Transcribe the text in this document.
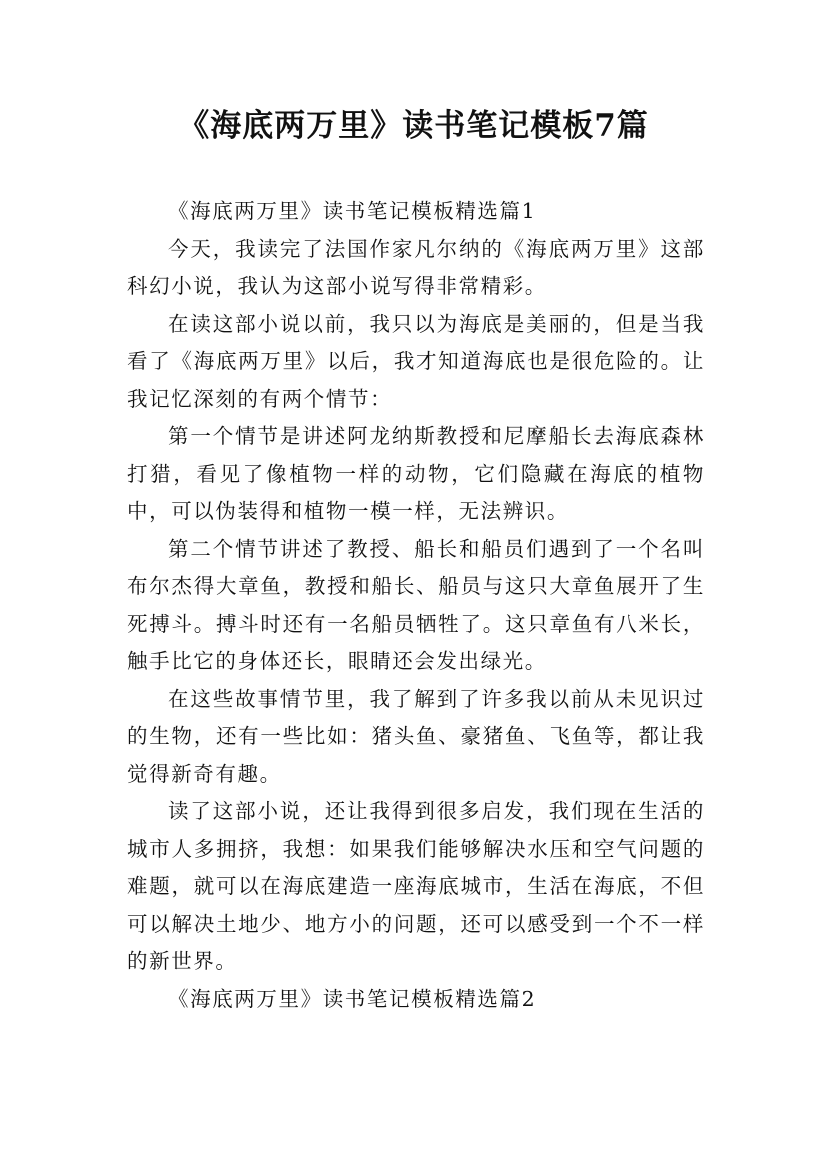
《海底两万里》读书笔记模板7篇

《海底两万里》读书笔记模板精选篇1

今天，我读完了法国作家凡尔纳的《海底两万里》这部科幻小说，我认为这部小说写得非常精彩。

在读这部小说以前，我只以为海底是美丽的，但是当我看了《海底两万里》以后，我才知道海底也是很危险的。让我记忆深刻的有两个情节：

第一个情节是讲述阿龙纳斯教授和尼摩船长去海底森林打猎，看见了像植物一样的动物，它们隐藏在海底的植物中，可以伪装得和植物一模一样，无法辨识。

第二个情节讲述了教授、船长和船员们遇到了一个名叫布尔杰得大章鱼，教授和船长、船员与这只大章鱼展开了生死搏斗。搏斗时还有一名船员牺牲了。这只章鱼有八米长，触手比它的身体还长，眼睛还会发出绿光。

在这些故事情节里，我了解到了许多我以前从未见识过的生物，还有一些比如：猪头鱼、豪猪鱼、飞鱼等，都让我觉得新奇有趣。

读了这部小说，还让我得到很多启发，我们现在生活的城市人多拥挤，我想：如果我们能够解决水压和空气问题的难题，就可以在海底建造一座海底城市，生活在海底，不但可以解决土地少、地方小的问题，还可以感受到一个不一样的新世界。

《海底两万里》读书笔记模板精选篇2
